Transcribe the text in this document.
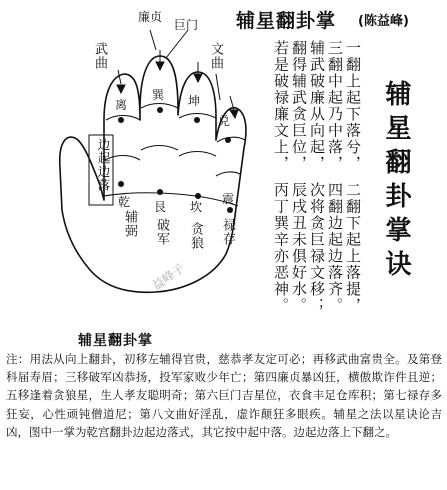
辅星翻卦掌 (陈益峰)
武曲
廉贞
巨门
文曲
辅弼 破军 贪狼 禄存
离
巽 坤
兑
乾 艮 坎
震
边起边落
益峰子
辅星翻卦掌
一翻上起下落兮，
三翻中起乃中落，
辅武破廉从向起，
翻得辅武贪巨位，
若是破禄廉文上，
二翻下起上落提，
四翻边起边落齐。
次将贪巨禄文移；
辰戌丑未俱好水。
丙丁巽辛亦恶神。	辅星翻卦掌诀
注：用法从向上翻卦，初移左辅得官贵，慈恭孝友定可必；再移武曲富贵全。及第登科届寿眉；三移破军凶恭扬，投军家败少年亡；第四廉贞暴凶狂，横傲欺诈件且逆；五移逢着贪狼星，生人孝友聪明奇；第六巨门吉星位，衣食丰足仓库积；第七禄存多狂妄，心性顽钝僧道尼；第八文曲好淫乱，虚诈颠狂多眼疾。辅星之法以星诀论吉凶，图中一掌为乾宫翻卦边起边落式，其它按中起中落。边起边落上下翻之。
